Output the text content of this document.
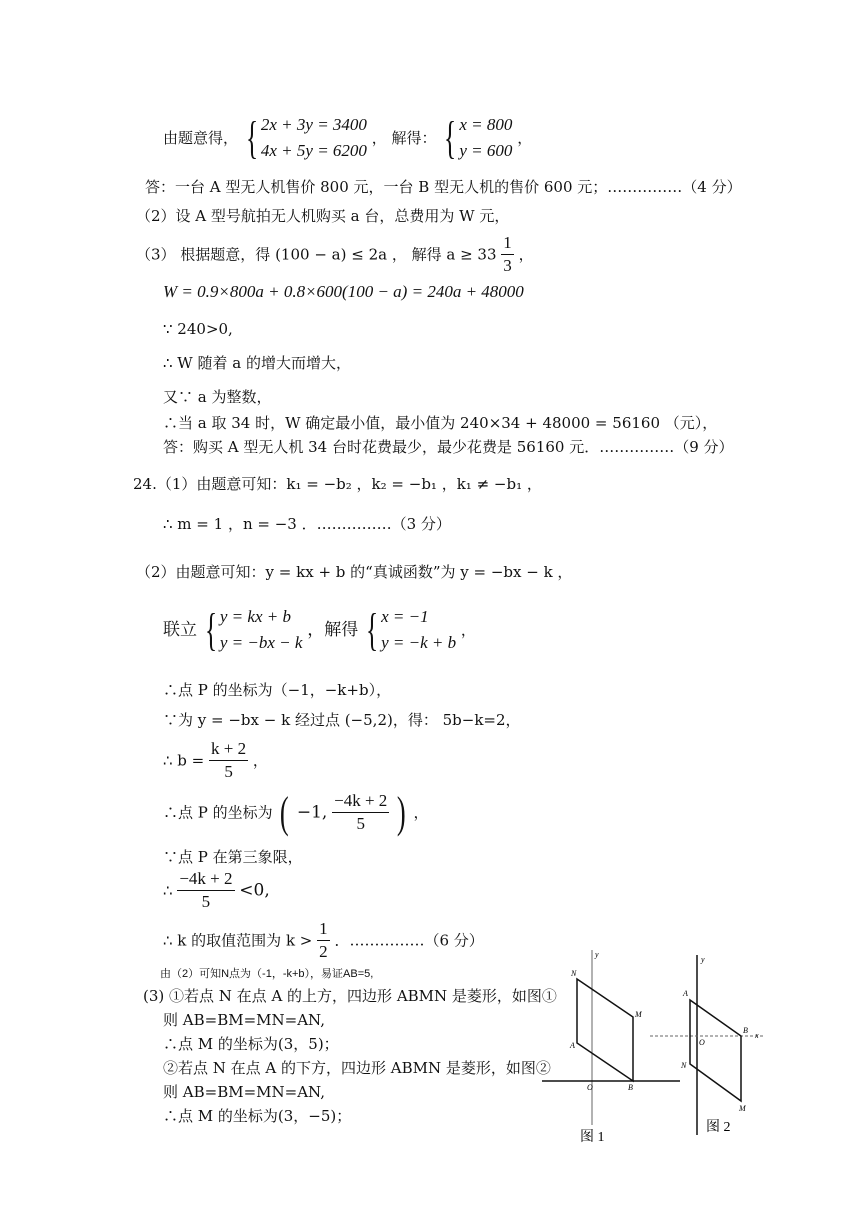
由题意得， { 2x + 3y = 3400
4x + 5y = 6200
， 解得： { x = 800
y = 600
，
答：一台 A 型无人机售价 800 元，一台 B 型无人机的售价 600 元；……………（4 分）
（2）设 A 型号航拍无人机购买 a 台，总费用为 W 元，
（3） 根据题意，得 (100 − a) ≤ 2a ， 解得 $a \ge 33 \frac{1}{3}$ ，
W = 0.9×800a + 0.8×600(100 − a) = 240a + 48000
∵ 240>0,
∴ W 随着 a 的增大而增大，
又∵ a 为整数，
∴当 a 取 34 时，W 确定最小值，最小值为 240×34 + 48000 = 56160 （元），
答：购买 A 型无人机 34 台时花费最少，最少花费是 56160 元．……………（9 分）
24.（1）由题意可知：k₁ = −b₂ ，k₂ = −b₁ ，k₁ ≠ −b₁ ，
∴ m = 1 ，n = −3 ．……………（3 分）
（2）由题意可知：y = kx + b 的“真诚函数”为 y = −bx − k ，
联立 { y = kx + b
y = −bx − k
，解得 { x = −1
y = −k + b
，
∴点 P 的坐标为（−1，−k+b），
∵为 y = −bx − k 经过点 (−5,2)，得： 5b−k=2，
∴ $b = \frac{k + 2}{5}$ ，
∴点 P 的坐标为 ( −1, $\frac{-4k + 2}{5}$ ) ，
∵点 P 在第三象限，
∴ $\frac{-4k + 2}{5} <0$,
∴ k 的取值范围为 $k > \frac{1}{2}$ ．……………（6 分）
由（2）可知N点为（-1，-k+b），易证AB=5,
(3) ①若点 N 在点 A 的上方，四边形 ABMN 是菱形，如图①
则 AB=BM=MN=AN,
∴点 M 的坐标为(3，5)；
②若点 N 在点 A 的下方，四边形 ABMN 是菱形，如图②
则 AB=BM=MN=AN,
∴点 M 的坐标为(3，−5)；
y
N
M
A
O	B
图 1
y
A
B
x
O
N
M
图 2
